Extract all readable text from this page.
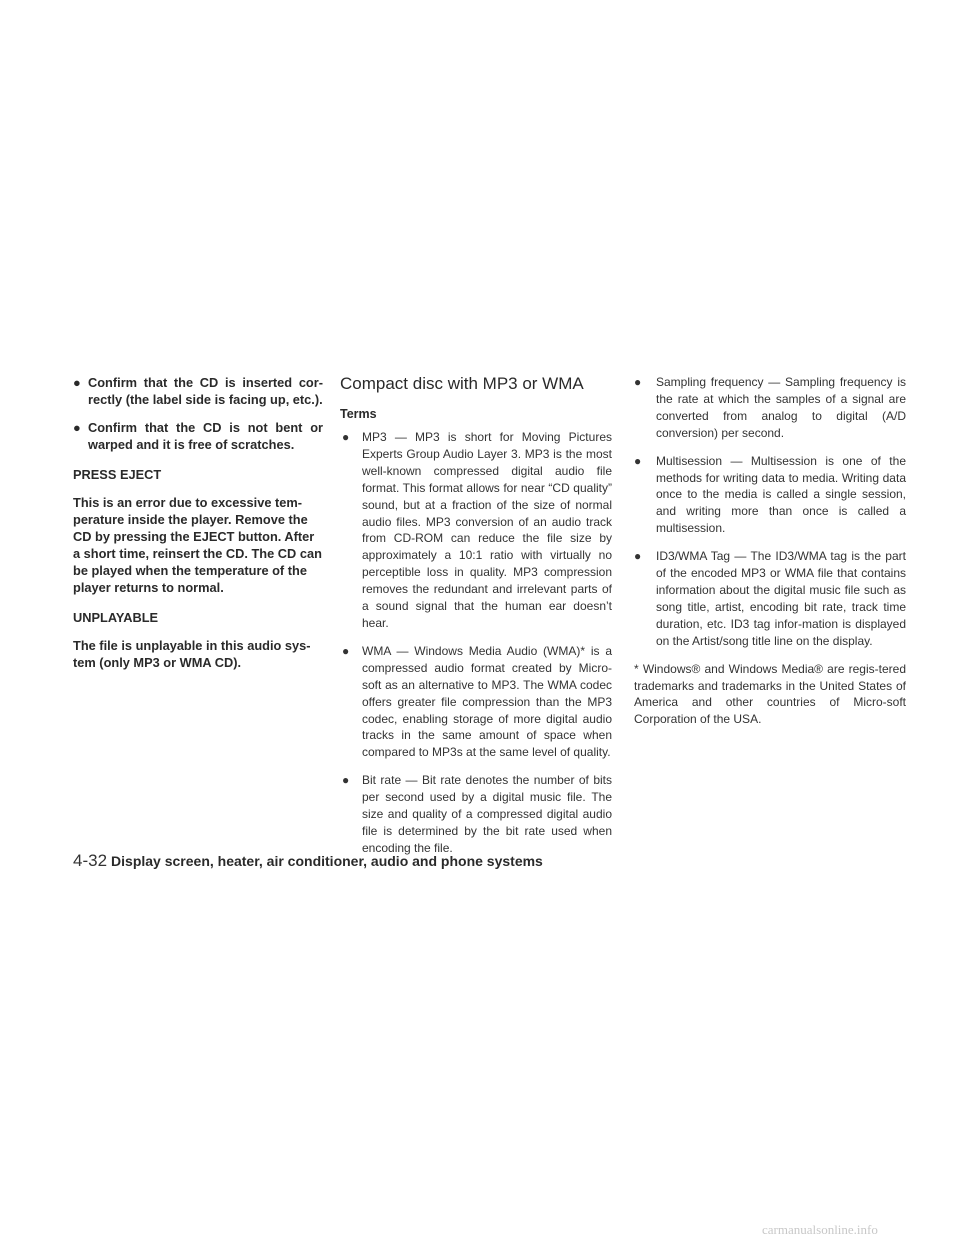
● Confirm that the CD is inserted cor-rectly (the label side is facing up, etc.).
● Confirm that the CD is not bent or warped and it is free of scratches.

PRESS EJECT

This is an error due to excessive tem-perature inside the player. Remove the CD by pressing the EJECT button. After a short time, reinsert the CD. The CD can be played when the temperature of the player returns to normal.

UNPLAYABLE

The file is unplayable in this audio sys-tem (only MP3 or WMA CD).

Compact disc with MP3 or WMA

Terms

● MP3 — MP3 is short for Moving Pictures Experts Group Audio Layer 3. MP3 is the most well-known compressed digital audio file format. This format allows for near “CD quality” sound, but at a fraction of the size of normal audio files. MP3 conversion of an audio track from CD-ROM can reduce the file size by approximately a 10:1 ratio with virtually no perceptible loss in quality. MP3 compression removes the redundant and irrelevant parts of a sound signal that the human ear doesn’t hear.
● WMA — Windows Media Audio (WMA)* is a compressed audio format created by Micro-soft as an alternative to MP3. The WMA codec offers greater file compression than the MP3 codec, enabling storage of more digital audio tracks in the same amount of space when compared to MP3s at the same level of quality.
● Bit rate — Bit rate denotes the number of bits per second used by a digital music file. The size and quality of a compressed digital audio file is determined by the bit rate used when encoding the file.
● Sampling frequency — Sampling frequency is the rate at which the samples of a signal are converted from analog to digital (A/D conversion) per second.
● Multisession — Multisession is one of the methods for writing data to media. Writing data once to the media is called a single session, and writing more than once is called a multisession.
● ID3/WMA Tag — The ID3/WMA tag is the part of the encoded MP3 or WMA file that contains information about the digital music file such as song title, artist, encoding bit rate, track time duration, etc. ID3 tag infor-mation is displayed on the Artist/song title line on the display.

* Windows® and Windows Media® are regis-tered trademarks and trademarks in the United States of America and other countries of Micro-soft Corporation of the USA.

4-32 Display screen, heater, air conditioner, audio and phone systems
carmanualsonline.info
